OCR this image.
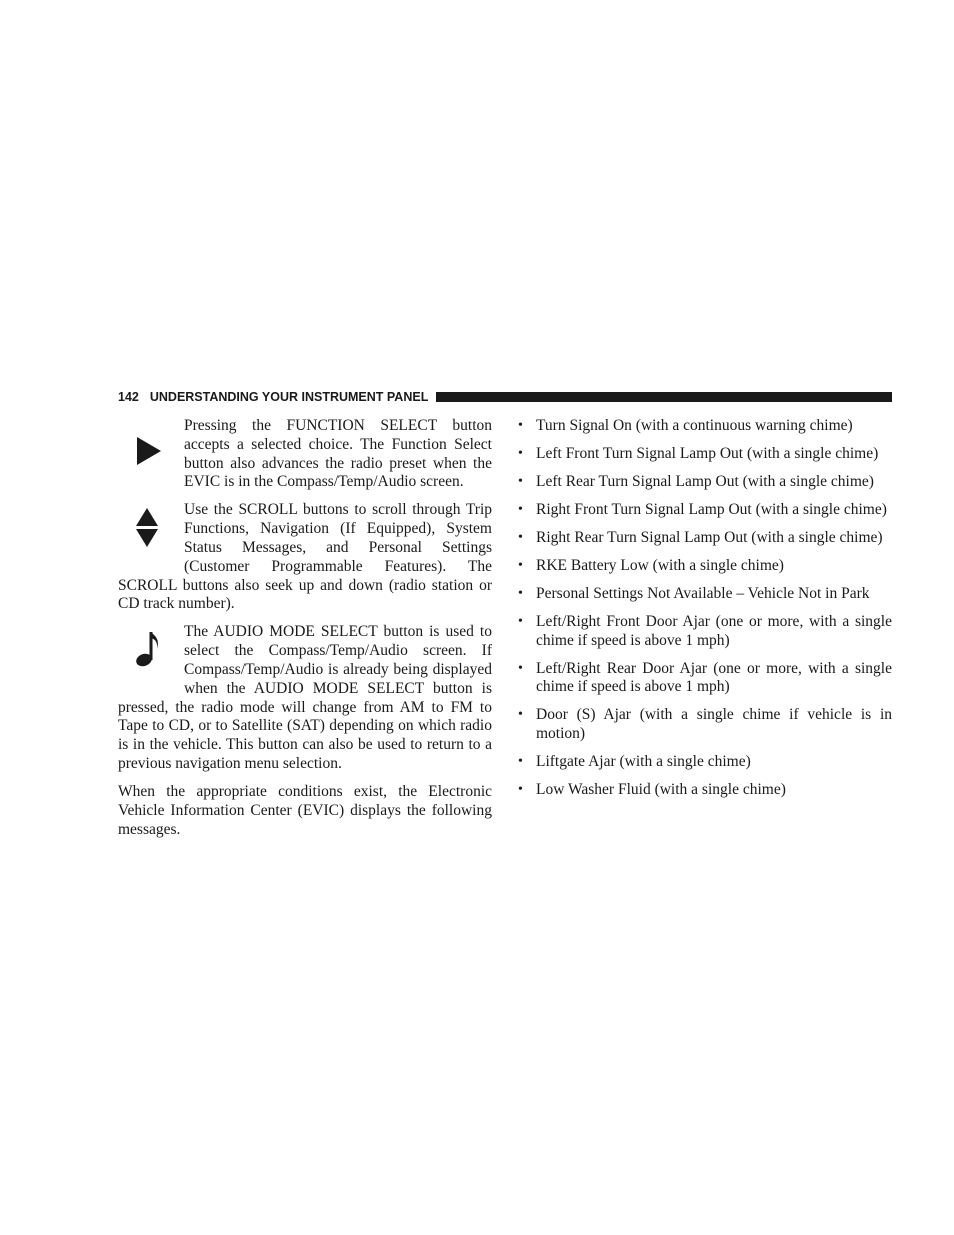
142 UNDERSTANDING YOUR INSTRUMENT PANEL

Pressing the FUNCTION SELECT button accepts a selected choice. The Function Select button also advances the radio preset when the EVIC is in the Compass/Temp/Audio screen.

Use the SCROLL buttons to scroll through Trip Functions, Navigation (If Equipped), System Status Messages, and Personal Settings (Customer Programmable Features). The SCROLL buttons also seek up and down (radio station or CD track number).

The AUDIO MODE SELECT button is used to select the Compass/Temp/Audio screen. If Compass/Temp/Audio is already being displayed when the AUDIO MODE SELECT button is pressed, the radio mode will change from AM to FM to Tape to CD, or to Satellite (SAT) depending on which radio is in the vehicle. This button can also be used to return to a previous navigation menu selection.

When the appropriate conditions exist, the Electronic Vehicle Information Center (EVIC) displays the following messages.

• Turn Signal On (with a continuous warning chime)
• Left Front Turn Signal Lamp Out (with a single chime)
• Left Rear Turn Signal Lamp Out (with a single chime)
• Right Front Turn Signal Lamp Out (with a single chime)
• Right Rear Turn Signal Lamp Out (with a single chime)
• RKE Battery Low (with a single chime)
• Personal Settings Not Available – Vehicle Not in Park
• Left/Right Front Door Ajar (one or more, with a single chime if speed is above 1 mph)
• Left/Right Rear Door Ajar (one or more, with a single chime if speed is above 1 mph)
• Door (S) Ajar (with a single chime if vehicle is in motion)
• Liftgate Ajar (with a single chime)
• Low Washer Fluid (with a single chime)
